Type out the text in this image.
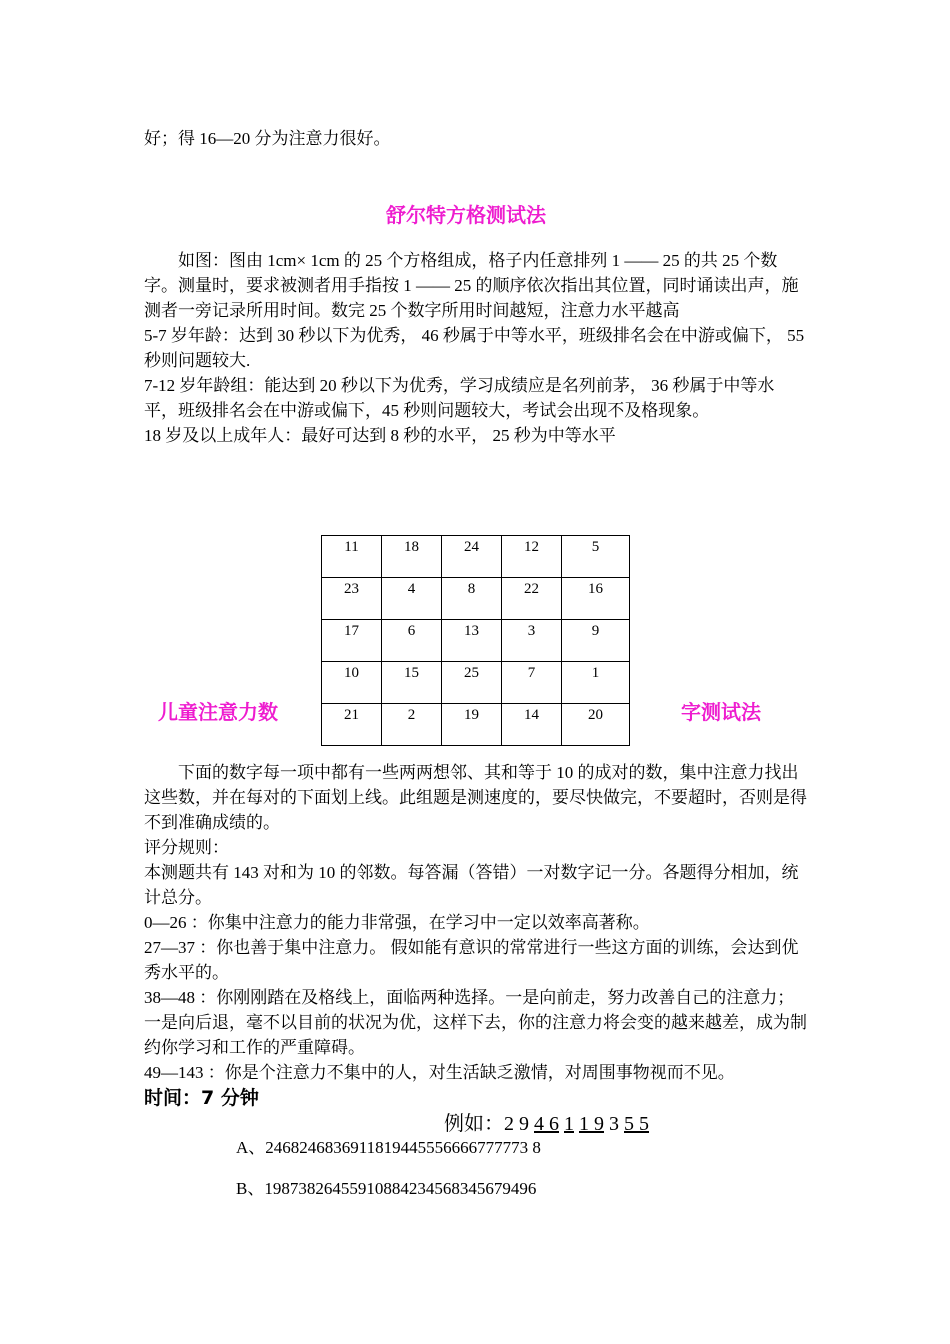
好；得 16—20 分为注意力很好。

舒尔特方格测试法

如图：图由 1cm× 1cm 的 25 个方格组成，格子内任意排列 1 —— 25 的共 25 个数字。测量时，要求被测者用手指按 1 —— 25 的顺序依次指出其位置，同时诵读出声，施测者一旁记录所用时间。数完 25 个数字所用时间越短，注意力水平越高

5-7 岁年龄：达到 30 秒以下为优秀， 46 秒属于中等水平，班级排名会在中游或偏下， 55 秒则问题较大.

7-12 岁年龄组：能达到 20 秒以下为优秀，学习成绩应是名列前茅， 36 秒属于中等水平，班级排名会在中游或偏下，45 秒则问题较大，考试会出现不及格现象。

18 岁及以上成年人：最好可达到 8 秒的水平， 25 秒为中等水平

儿童注意力数	字测试法
11	18	24	12	5
23	4	8	22	16
17	6	13	3	9
10	15	25	7	1
21	2	19	14	20

下面的数字每一项中都有一些两两想邻、其和等于 10 的成对的数，集中注意力找出这些数，并在每对的下面划上线。此组题是测速度的，要尽快做完，不要超时，否则是得不到准确成绩的。

评分规则：

本测题共有 143 对和为 10 的邻数。每答漏（答错）一对数字记一分。各题得分相加，统计总分。

0—26 ：你集中注意力的能力非常强，在学习中一定以效率高著称。

27—37 ：你也善于集中注意力。 假如能有意识的常常进行一些这方面的训练，会达到优秀水平的。

38—48 ：你刚刚踏在及格线上，面临两种选择。一是向前走，努力改善自己的注意力；一是向后退，毫不以目前的状况为优，这样下去，你的注意力将会变的越来越差，成为制约你学习和工作的严重障碍。

49—143 ：你是个注意力不集中的人，对生活缺乏激情，对周围事物视而不见。

时间：7 分钟
例如：2 9 4 6 1 1 9 3 5 5
A、2468246836911819445556666777773 8
B、19873826455910884234568345679496
